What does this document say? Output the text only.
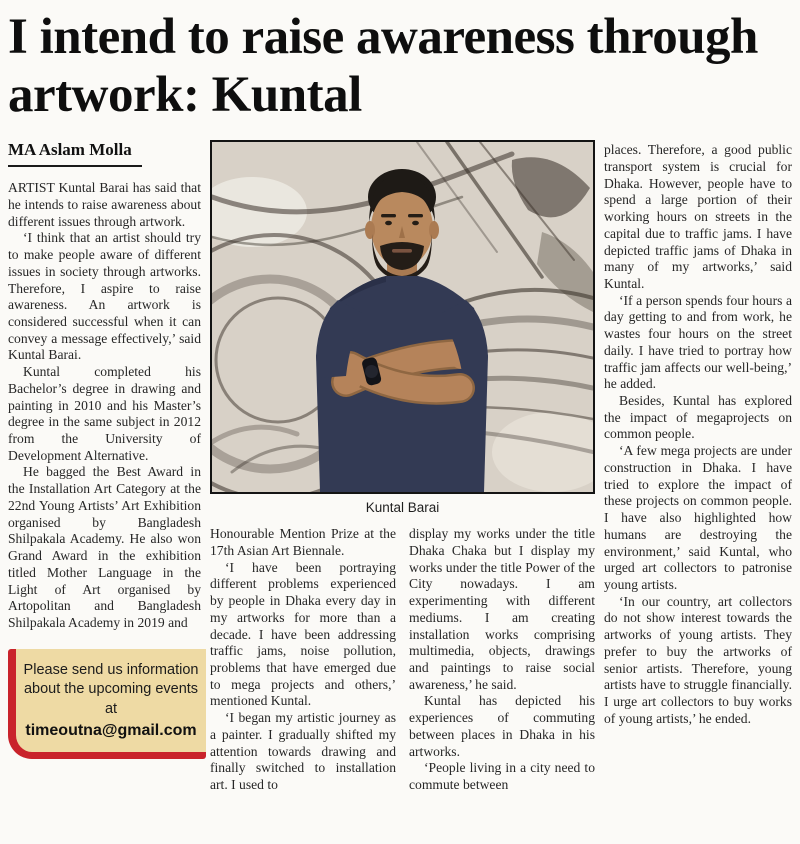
I intend to raise awareness through artwork: Kuntal
MA Aslam Molla

ARTIST Kuntal Barai has said that he intends to raise awareness about different issues through artwork.

‘I think that an artist should try to make people aware of different issues in society through artworks. Therefore, I aspire to raise awareness. An artwork is considered successful when it can convey a message effectively,’ said Kuntal Barai.

Kuntal completed his Bachelor’s degree in drawing and painting in 2010 and his Master’s degree in the same subject in 2012 from the University of Development Alternative.

He bagged the Best Award in the Installation Art Category at the 22nd Young Artists’ Art Exhibition organised by Bangladesh Shilpakala Academy. He also won Grand Award in the exhibition titled Mother Language in the Light of Art organised by Artopolitan and Bangladesh Shilpakala Academy in 2019 and

Please send us information about the upcoming events at
timeoutna@gmail.com
Kuntal Barai

Honourable Mention Prize at the 17th Asian Art Biennale.

‘I have been portraying different problems experienced by people in Dhaka every day in my artworks for more than a decade. I have been addressing traffic jams, noise pollution, problems that have emerged due to mega projects and others,’ mentioned Kuntal.

‘I began my artistic journey as a painter. I gradually shifted my attention towards drawing and finally switched to installation art. I used to

display my works under the title Dhaka Chaka but I display my works under the title Power of the City nowadays. I am experimenting with different mediums. I am creating installation works comprising multimedia, objects, drawings and paintings to raise social awareness,’ he said.

Kuntal has depicted his experiences of commuting between places in Dhaka in his artworks.

‘People living in a city need to commute between

places. Therefore, a good public transport system is crucial for Dhaka. However, people have to spend a large portion of their working hours on streets in the capital due to traffic jams. I have depicted traffic jams of Dhaka in many of my artworks,’ said Kuntal.

‘If a person spends four hours a day getting to and from work, he wastes four hours on the street daily. I have tried to portray how traffic jam affects our well-being,’ he added.

Besides, Kuntal has explored the impact of megaprojects on common people.

‘A few mega projects are under construction in Dhaka. I have tried to explore the impact of these projects on common people. I have also highlighted how humans are destroying the environment,’ said Kuntal, who urged art collectors to patronise young artists.

‘In our country, art collectors do not show interest towards the artworks of young artists. They prefer to buy the artworks of senior artists. Therefore, young artists have to struggle financially. I urge art collectors to buy works of young artists,’ he ended.
